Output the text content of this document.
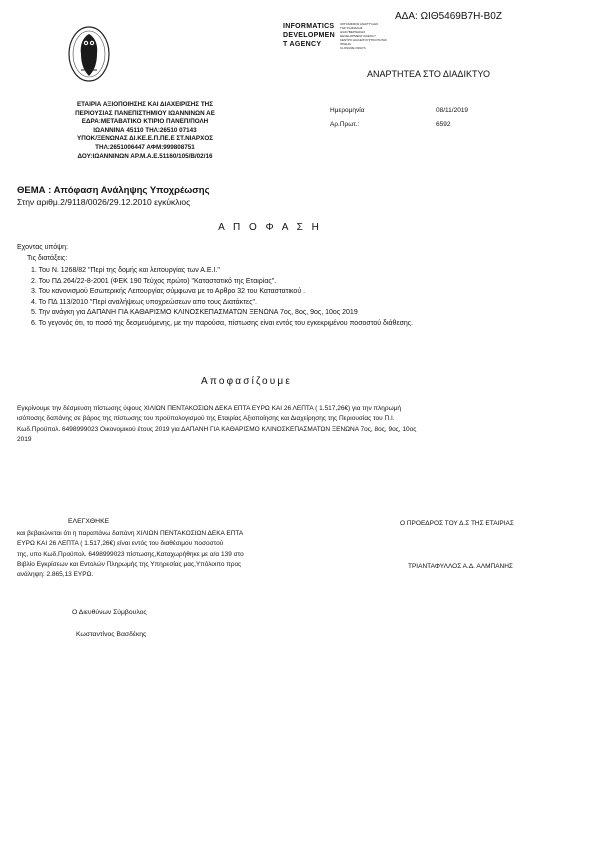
ΑΔΑ: ΩΙΘ5469Β7Η-Β0Ζ
INFORMATICS
DEVELOPMEN
T AGENCY
ΟΡΓΑΝΙΣΜΟΣ ΑΝΑΠΤΥΞΗΣ
ΤΗΣ ΨΗΦΙΑΚΗΣ
ΔΙΑΚΥΒΕΡΝΗΣΗΣ
DEVELOPMENT AGENCY
ΚΕΝΤΡΟ ΔΙΑΛΕΙΤΟΥΡΓΙΚΟΤΗΤΑΣ
ΠΡΩΗΝ
CLOSURE ORAYS
ΑΝΑΡΤΗΤΕΑ ΣΤΟ ΔΙΑΔΙΚΤΥΟ
ΕΤΑΙΡΙΑ ΑΞΙΟΠΟΙΗΣΗΣ ΚΑΙ ΔΙΑΧΕΙΡΙΣΗΣ ΤΗΣ
ΠΕΡΙΟΥΣΙΑΣ ΠΑΝΕΠΙΣΤΗΜΙΟΥ ΙΩΑΝΝΙΝΩΝ ΑΕ
ΕΔΡΑ:ΜΕΤΑΒΑΤΙΚΟ ΚΤΙΡΙΟ ΠΑΝΕΠ/ΠΟΛΗ
ΙΩΑΝΝΙΝΑ 45110 ΤΗΛ:26510 07143
ΥΠΟΚ/ΞΕΝΩΝΑΣ ΔΙ.ΚΕ.Ε.Π.ΠΕ.Ε ΣΤ.ΝΙΑΡΧΟΣ
ΤΗΛ:2651006447 ΑΦΜ:999808751
ΔΟΥ:ΙΩΑΝΝΙΝΩΝ ΑΡ.Μ.Α.Ε.51160/105/Β/02/16
Ημερομηνία	08/11/2019
Αρ.Πρωτ.:	6592
ΘΕΜΑ : Απόφαση Ανάληψης Υποχρέωσης
Στην αριθμ.2/9118/0026/29.12.2010 εγκύκλιος
Α Π Ο Φ Α Σ Η
Εχοντας υπόψη:
Τις διατάξεις:
1. Του Ν. 1268/82 "Περί της δομής και λειτουργίας των Α.Ε.Ι."
2. Του ΠΔ 264/22-8-2001 (ΦΕΚ 190 Τεύχος πρώτο) "Καταστατικό της Εταιρίας".
3. Του κανονισμού Εσωτερικής Λειτουργίας σύμφωνα με το Αρθρο 32 του Καταστατικού .
4. Το ΠΔ 113/2010 "Περί αναλήψεως υποχρεώσεων απο τους Διατάκτες".
5. Την ανάγκη για ΔΑΠΑΝΗ ΓΙΑ ΚΑΘΑΡΙΣΜΟ ΚΛΙΝΟΣΚΕΠΑΣΜΑΤΩΝ ΞΕΝΩΝΑ 7ος, 8ος, 9ος, 10ος 2019
6. Το γεγονός ότι, το ποσό της δεσμευόμενης, με την παρούσα, πίστωσης είναι εντός του εγκεκριμένου ποσοστού διάθεσης.
Αποφασίζουμε
Εγκρίνουμε την δέσμευση πίστωσης ύψους ΧΙΛΙΩΝ ΠΕΝΤΑΚΟΣΙΩΝ ΔΕΚΑ ΕΠΤΑ ΕΥΡΩ ΚΑΙ 26 ΛΕΠΤΑ ( 1.517,26€) για την πληρωμή
ισόποσης δαπάνης σε βάρος της πίστωσης του προϋπολογισμού της Εταιρίας Αξιοποίησης και Διαχείρησης της Περιουσίας του Π.Ι.
Κωδ.Προϋπολ. 6498999023 Οικονομικού έτους 2019 για ΔΑΠΑΝΗ ΓΙΑ ΚΑΘΑΡΙΣΜΟ ΚΛΙΝΟΣΚΕΠΑΣΜΑΤΩΝ ΞΕΝΩΝΑ 7ος, 8ος, 9ος, 10ος
2019
ΕΛΕΓΧΘΗΚΕ
και βεβαιώνεται ότι η παραπάνω δαπάνη ΧΙΛΙΩΝ ΠΕΝΤΑΚΟΣΙΩΝ ΔΕΚΑ ΕΠΤΑ
ΕΥΡΩ ΚΑΙ 26 ΛΕΠΤΑ ( 1.517,26€) είναι εντός του διαθέσιμου ποσοστού
της, υπο Κωδ.Προϋπολ. 6498999023 πίστωσης,Καταχωρήθηκε με α/α 139 στο
Βιβλίο Εγκρίσεων και Εντολών Πληρωμής της Υπηρεσίας μας,Υπόλοιπο προς
ανάληψη: 2.865,13 ΕΥΡΩ.
Ο ΠΡΟΕΔΡΟΣ ΤΟΥ Δ.Σ ΤΗΣ ΕΤΑΙΡΙΑΣ
ΤΡΙΑΝΤΑΦΥΛΛΟΣ Α.Δ. ΑΛΜΠΑΝΗΣ
Ο Διευθύνων Σύμβουλος
Κωσταντίνος Βασδέκης
